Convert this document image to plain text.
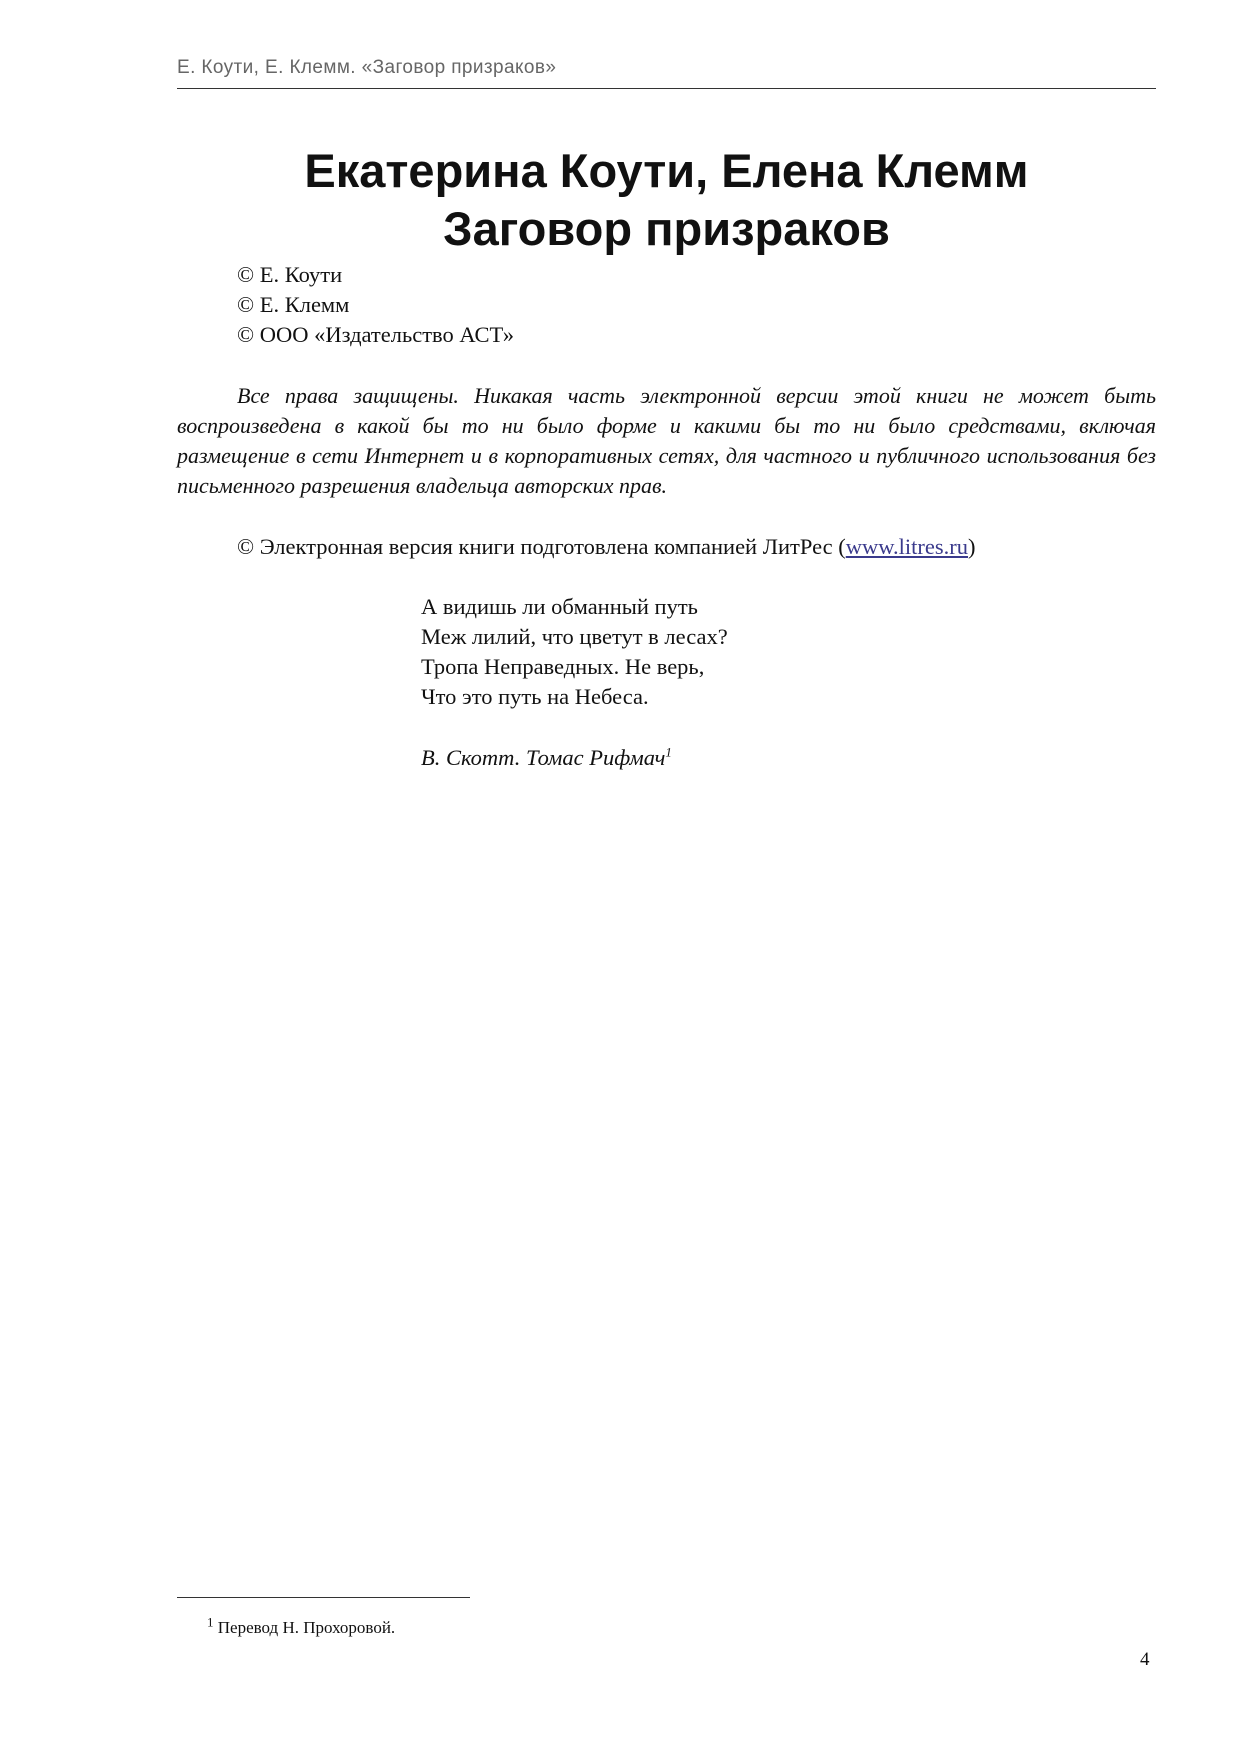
Е. Коути, Е. Клемм. «Заговор призраков»
Екатерина Коути, Елена Клемм
Заговор призраков
© Е. Коути
© Е. Клемм
© ООО «Издательство АСТ»

Все права защищены. Никакая часть электронной версии этой книги не может быть воспроизведена в какой бы то ни было форме и какими бы то ни было средствами, включая размещение в сети Интернет и в корпоративных сетях, для частного и публичного использования без письменного разрешения владельца авторских прав.

© Электронная версия книги подготовлена компанией ЛитРес (www.litres.ru)
А видишь ли обманный путь
Меж лилий, что цветут в лесах?
Тропа Неправедных. Не верь,
Что это путь на Небеса.
В. Скотт. Томас Рифмач$^1$
$^1$ Перевод Н. Прохоровой.
4
